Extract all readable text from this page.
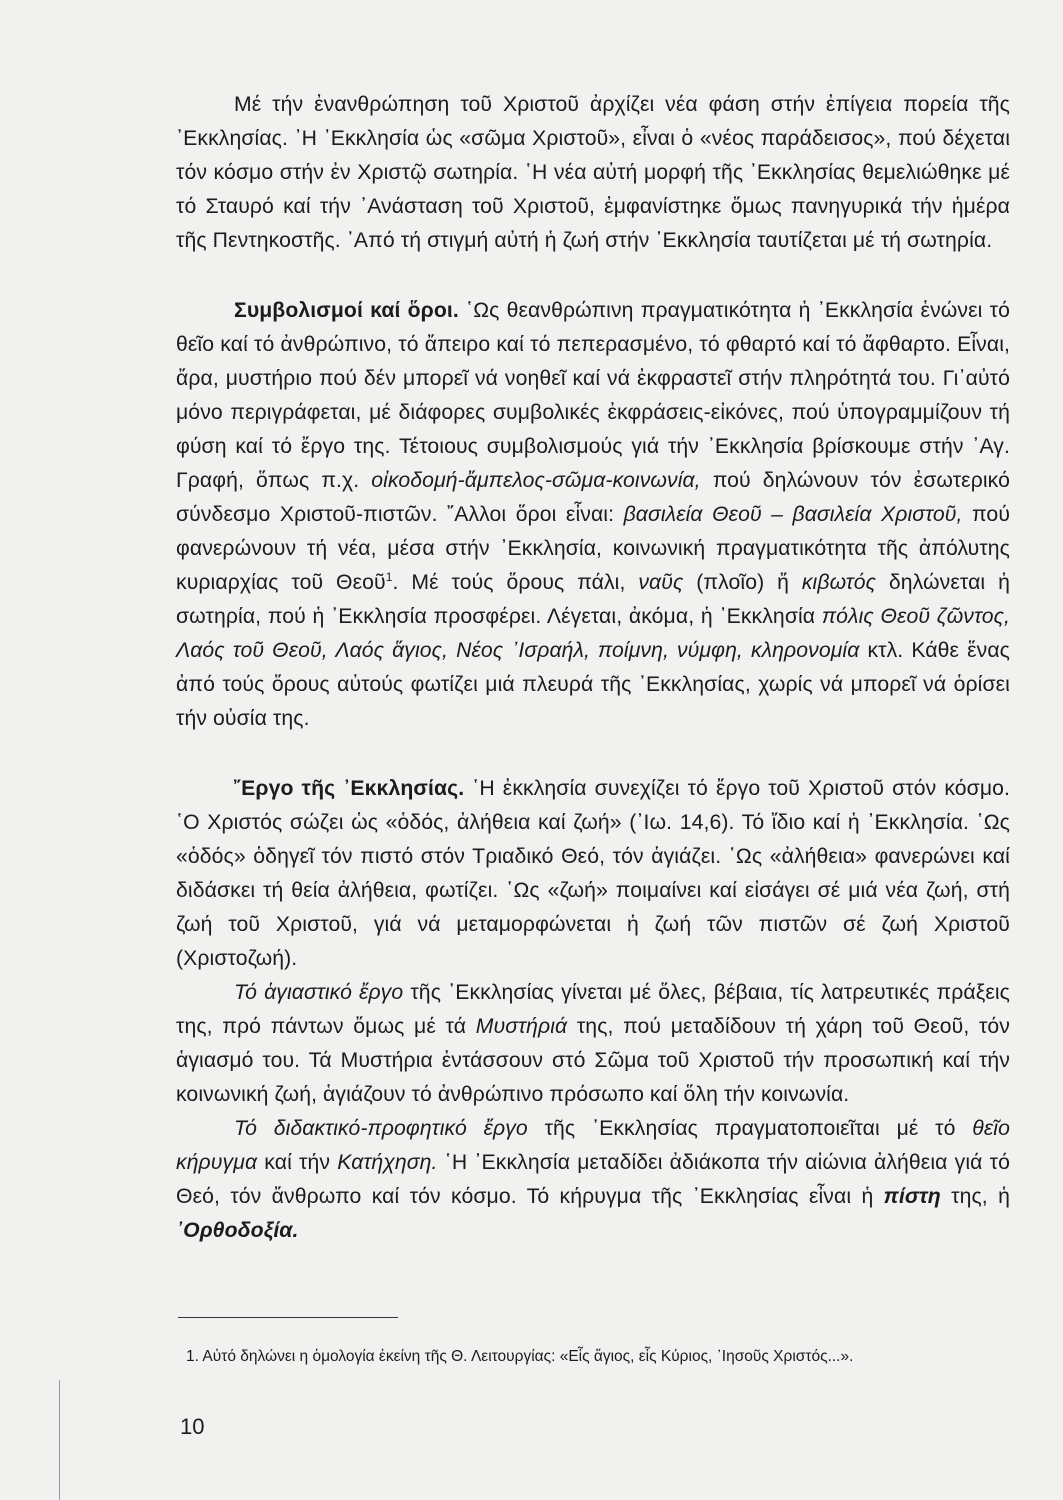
Μέ τήν ἐνανθρώπηση τοῦ Χριστοῦ ἀρχίζει νέα φάση στήν ἐπίγεια πορεία τῆς ᾿Εκκλησίας. ᾿Η ᾿Εκκλησία ὡς «σῶμα Χριστοῦ», εἶναι ὁ «νέος παράδεισος», πού δέχεται τόν κόσμο στήν ἐν Χριστῷ σωτηρία. ῾Η νέα αὐτή μορφή τῆς ᾿Εκκλησίας θεμελιώθηκε μέ τό Σταυρό καί τήν ᾿Ανάσταση τοῦ Χριστοῦ, ἐμφανίστηκε ὅμως πανηγυρικά τήν ἡμέρα τῆς Πεντηκοστῆς. ᾿Από τή στιγμή αὐτή ἡ ζωή στήν ᾿Εκκλησία ταυτίζεται μέ τή σωτηρία.

Συμβολισμοί καί ὅροι. ῾Ως θεανθρώπινη πραγματικότητα ἡ ᾿Εκκλησία ἑνώνει τό θεῖο καί τό ἀνθρώπινο, τό ἄπειρο καί τό πεπερασμένο, τό φθαρτό καί τό ἄφθαρτο. Εἶναι, ἄρα, μυστήριο πού δέν μπορεῖ νά νοηθεῖ καί νά ἐκφραστεῖ στήν πληρότητά του. Γι᾿αὐτό μόνο περιγράφεται, μέ διάφορες συμβολικές ἐκφράσεις-εἰκόνες, πού ὑπογραμμίζουν τή φύση καί τό ἔργο της. Τέτοιους συμβολισμούς γιά τήν ᾿Εκκλησία βρίσκουμε στήν ᾿Αγ. Γραφή, ὅπως π.χ. οἰκοδομή-ἄμπελος-σῶμα-κοινωνία, πού δηλώνουν τόν ἐσωτερικό σύνδεσμο Χριστοῦ-πιστῶν. ῎Αλλοι ὅροι εἶναι: βασιλεία Θεοῦ – βασιλεία Χριστοῦ, πού φανερώνουν τή νέα, μέσα στήν ᾿Εκκλησία, κοινωνική πραγματικότητα τῆς ἀπόλυτης κυριαρχίας τοῦ Θεοῦ$^1$. Μέ τούς ὅρους πάλι, ναῦς (πλοῖο) ἤ κιβωτός δηλώνεται ἡ σωτηρία, πού ἡ ᾿Εκκλησία προσφέρει. Λέγεται, ἀκόμα, ἡ ᾿Εκκλησία πόλις Θεοῦ ζῶντος, Λαός τοῦ Θεοῦ, Λαός ἅγιος, Νέος ᾿Ισραήλ, ποίμνη, νύμφη, κληρονομία κτλ. Κάθε ἕνας ἀπό τούς ὅρους αὐτούς φωτίζει μιά πλευρά τῆς ᾿Εκκλησίας, χωρίς νά μπορεῖ νά ὁρίσει τήν οὐσία της.

῎Εργο τῆς ᾿Εκκλησίας. ῾Η ἐκκλησία συνεχίζει τό ἔργο τοῦ Χριστοῦ στόν κόσμο. ῾Ο Χριστός σώζει ὡς «ὁδός, ἀλήθεια καί ζωή» (᾿Ιω. 14,6). Τό ἴδιο καί ἡ ᾿Εκκλησία. ῾Ως «ὁδός» ὁδηγεῖ τόν πιστό στόν Τριαδικό Θεό, τόν ἁγιάζει. ῾Ως «ἀλήθεια» φανερώνει καί διδάσκει τή θεία ἀλήθεια, φωτίζει. ῾Ως «ζωή» ποιμαίνει καί εἰσάγει σέ μιά νέα ζωή, στή ζωή τοῦ Χριστοῦ, γιά νά μεταμορφώνεται ἡ ζωή τῶν πιστῶν σέ ζωή Χριστοῦ (Χριστοζωή).

Τό ἁγιαστικό ἔργο τῆς ᾿Εκκλησίας γίνεται μέ ὅλες, βέβαια, τίς λατρευτικές πράξεις της, πρό πάντων ὅμως μέ τά Μυστήριά της, πού μεταδίδουν τή χάρη τοῦ Θεοῦ, τόν ἁγιασμό του. Τά Μυστήρια ἐντάσσουν στό Σῶμα τοῦ Χριστοῦ τήν προσωπική καί τήν κοινωνική ζωή, ἁγιάζουν τό ἀνθρώπινο πρόσωπο καί ὅλη τήν κοινωνία.

Τό διδακτικό-προφητικό ἔργο τῆς ᾿Εκκλησίας πραγματοποιεῖται μέ τό θεῖο κήρυγμα καί τήν Κατήχηση. ῾Η ᾿Εκκλησία μεταδίδει ἀδιάκοπα τήν αἰώνια ἀλήθεια γιά τό Θεό, τόν ἄνθρωπο καί τόν κόσμο. Τό κήρυγμα τῆς ᾿Εκκλησίας εἶναι ἡ πίστη της, ἡ ᾿Ορθοδοξία.

1. Αὐτό δηλώνει η ὁμολογία ἐκείνη τῆς Θ. Λειτουργίας: «Εἷς ἅγιος, εἷς Κύριος, ᾿Ιησοῦς Χριστός...».
10
